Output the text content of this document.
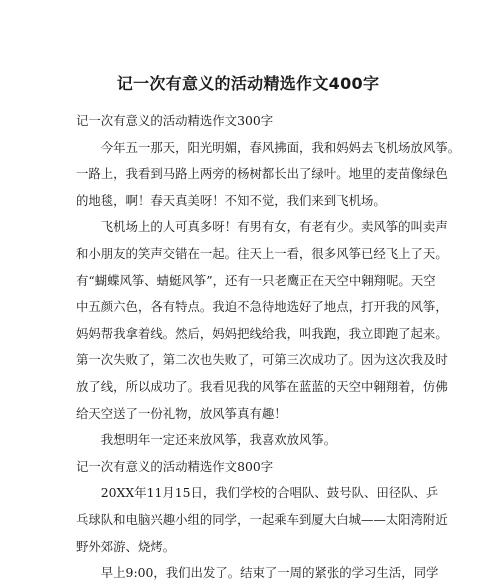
记一次有意义的活动精选作文400字
记一次有意义的活动精选作文300字
　　今年五一那天，阳光明媚，春风拂面，我和妈妈去飞机场放风筝。
一路上，我看到马路上两旁的杨树都长出了绿叶。地里的麦苗像绿色
的地毯，啊！春天真美呀！不知不觉，我们来到飞机场。
　　飞机场上的人可真多呀！有男有女，有老有少。卖风筝的叫卖声
和小朋友的笑声交错在一起。往天上一看，很多风筝已经飞上了天。
有“蝴蝶风筝、蜻蜓风筝”，还有一只老鹰正在天空中翱翔呢。天空
中五颜六色，各有特点。我迫不急待地选好了地点，打开我的风筝，
妈妈帮我拿着线。然后，妈妈把线给我，叫我跑，我立即跑了起来。
第一次失败了，第二次也失败了，可第三次成功了。因为这次我及时
放了线，所以成功了。我看见我的风筝在蓝蓝的天空中翱翔着，仿佛
给天空送了一份礼物，放风筝真有趣！
　　我想明年一定还来放风筝，我喜欢放风筝。
记一次有意义的活动精选作文800字
　　20XX年11月15日，我们学校的合唱队、鼓号队、田径队、乒
乓球队和电脑兴趣小组的同学，一起乘车到厦大白城——太阳湾附近
野外郊游、烧烤。
　　早上9:00，我们出发了。结束了一周的紧张的学习生活，同学
